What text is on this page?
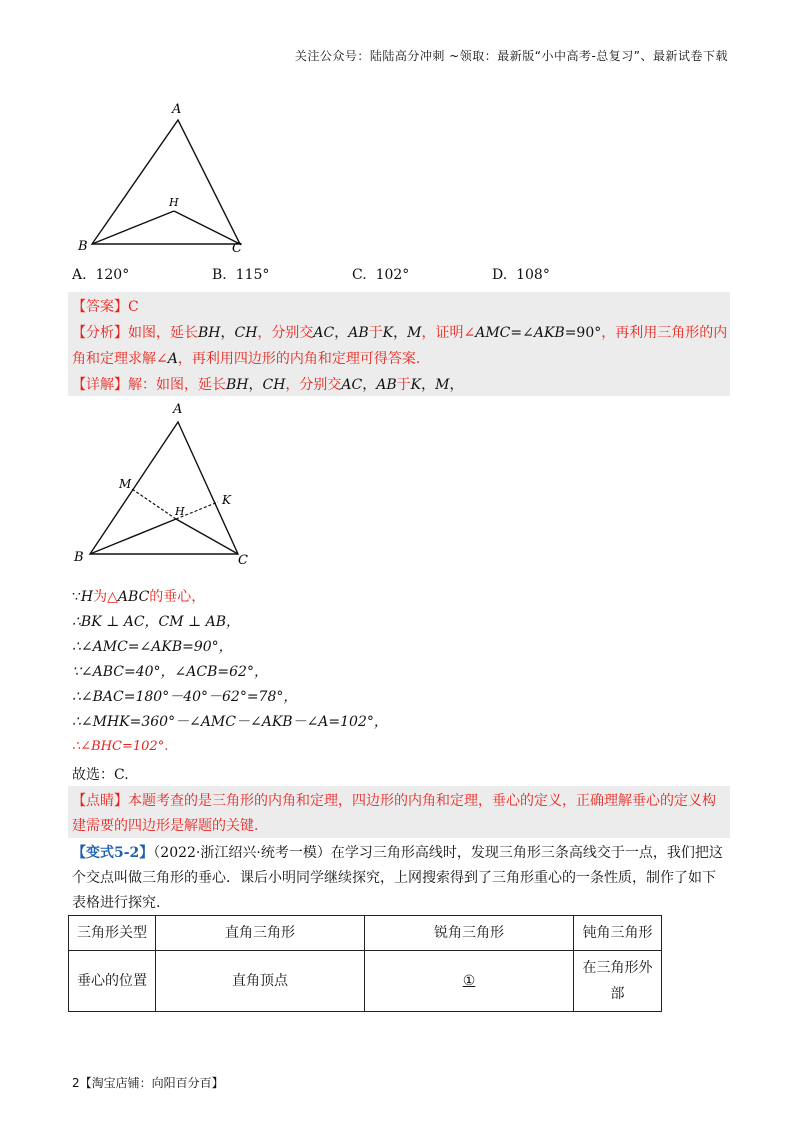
关注公众号：陆陆高分冲刺 ~领取：最新版“小中高考-总复习”、最新试卷下载
A
B	C
H
A. 120°	B. 115°	C. 102°	D. 108°
【答案】C
【分析】如图，延长BH，CH，分别交AC，AB于K，M，证明∠AMC=∠AKB=90°，再利用三角形的内
角和定理求解∠A，再利用四边形的内角和定理可得答案.
【详解】解：如图，延长BH，CH，分别交AC，AB于K，M，
A
B	C
H
K
M
∵H为△ABC的垂心，
∴BK ⊥ AC，CM ⊥ AB，
∴∠AMC=∠AKB=90°，
∵∠ABC=40°，∠ACB=62°，
∴∠BAC=180°－40°－62°=78°，
∴∠MHK=360°－∠AMC－∠AKB－∠A=102°，
∴∠BHC=102°.
故选：C.
【点睛】本题考查的是三角形的内角和定理，四边形的内角和定理，垂心的定义，正确理解垂心的定义构
建需要的四边形是解题的关键.
【变式5-2】（2022·浙江绍兴·统考一模）在学习三角形高线时，发现三角形三条高线交于一点，我们把这
个交点叫做三角形的垂心．课后小明同学继续探究，上网搜索得到了三角形重心的一条性质，制作了如下
表格进行探究.
三角形关型	直角三角形	锐角三角形	钝角三角形
垂心的位置	直角顶点	①	在三角形外部
2【淘宝店铺：向阳百分百】
